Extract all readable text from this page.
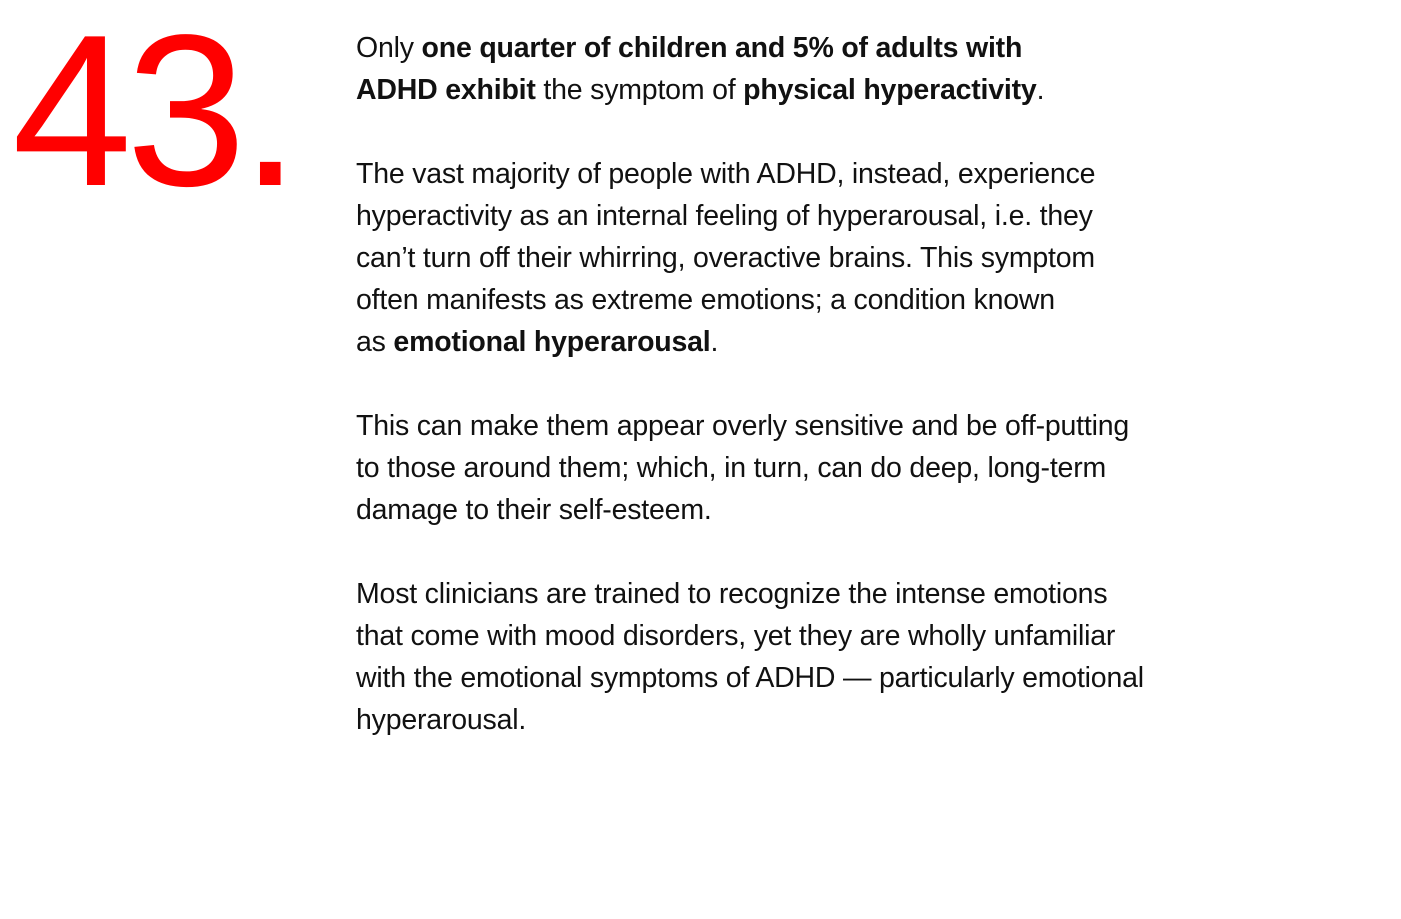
43. Only one quarter of children and 5% of adults with
ADHD exhibit the symptom of physical hyperactivity.

The vast majority of people with ADHD, instead, experience
hyperactivity as an internal feeling of hyperarousal, i.e. they
can’t turn off their whirring, overactive brains. This symptom
often manifests as extreme emotions; a condition known
as emotional hyperarousal.

This can make them appear overly sensitive and be off-putting
to those around them; which, in turn, can do deep, long-term
damage to their self-esteem.

Most clinicians are trained to recognize the intense emotions
that come with mood disorders, yet they are wholly unfamiliar
with the emotional symptoms of ADHD — particularly emotional
hyperarousal.
